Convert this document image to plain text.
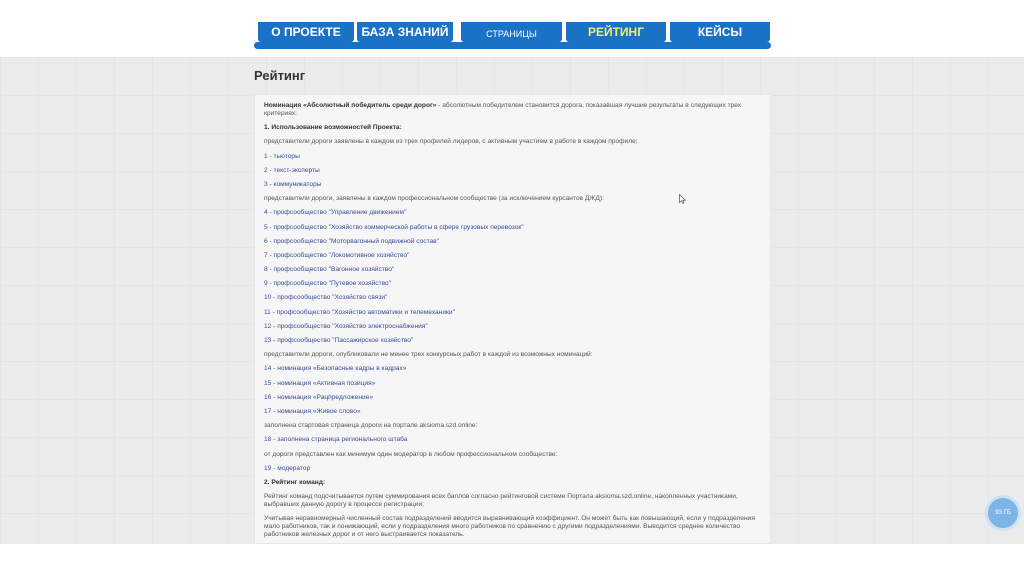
О ПРОЕКТЕ	БАЗА ЗНАНИЙ	СТРАНИЦЫ	РЕЙТИНГ	КЕЙСЫ
Рейтинг

Номинация «Абсолютный победитель среди дорог» - абсолютным победителем становится дорога, показавшая лучшие результаты в следующих трех критериях:

1. Использование возможностей Проекта:

представители дороги заявлены в каждом из трех профилей лидеров, с активным участием в работе в каждом профиле;

1 - тьюторы

2 - текст-эксперты

3 - коммуникаторы

представители дороги, заявлены в каждом профессиональном сообществе (за исключением курсантов ДЖД):

4 - профсообщество "Управление движением"

5 - профсообщество "Хозяйство коммерческой работы в сфере грузовых перевозок"

6 - профсообщество "Моторвагонный подвижной состав"

7 - профсообщество "Локомотивное хозяйство"

8 - профсообщество "Вагонное хозяйство"

9 - профсообщество "Путевое хозяйство"

10 - профсообщество "Хозяйство связи"

11 - профсообщество "Хозяйство автоматики и телемеханики"

12 - профсообщество "Хозяйство электроснабжения"

13 - профсообщество "Пассажирское хозяйство"

представители дороги, опубликовали не менее трех конкурсных работ в каждой из возможных номинаций:

14 - номинация «Безопасные кадры в кадрах»

15 - номинация «Активная позиция»

16 - номинация «Рацпредложение»

17 - номинация «Живое слово»

заполнена стартовая страница дороги на портале aksioma.szd.online:

18 - заполнена страница регионального штаба

от дороги представлен как минимум один модератор в любом профессиональном сообществе:

19 - модератор

2. Рейтинг команд:

Рейтинг команд подсчитывается путем суммирования всех баллов согласно рейтинговой системе Портала aksioma.szd.online, накопленных участниками, выбравших данную дорогу в процессе регистрации;

Учитывая неравномерный численный состав подразделений вводится выравнивающий коэффициент. Он может быть как повышающий, если у подразделения мало работников, так и понижающий, если у подразделения много работников по сравнению с другими подразделениями. Выводится среднее количество работников железных дорог и от него выстраивается показатель.

93 ГБ
